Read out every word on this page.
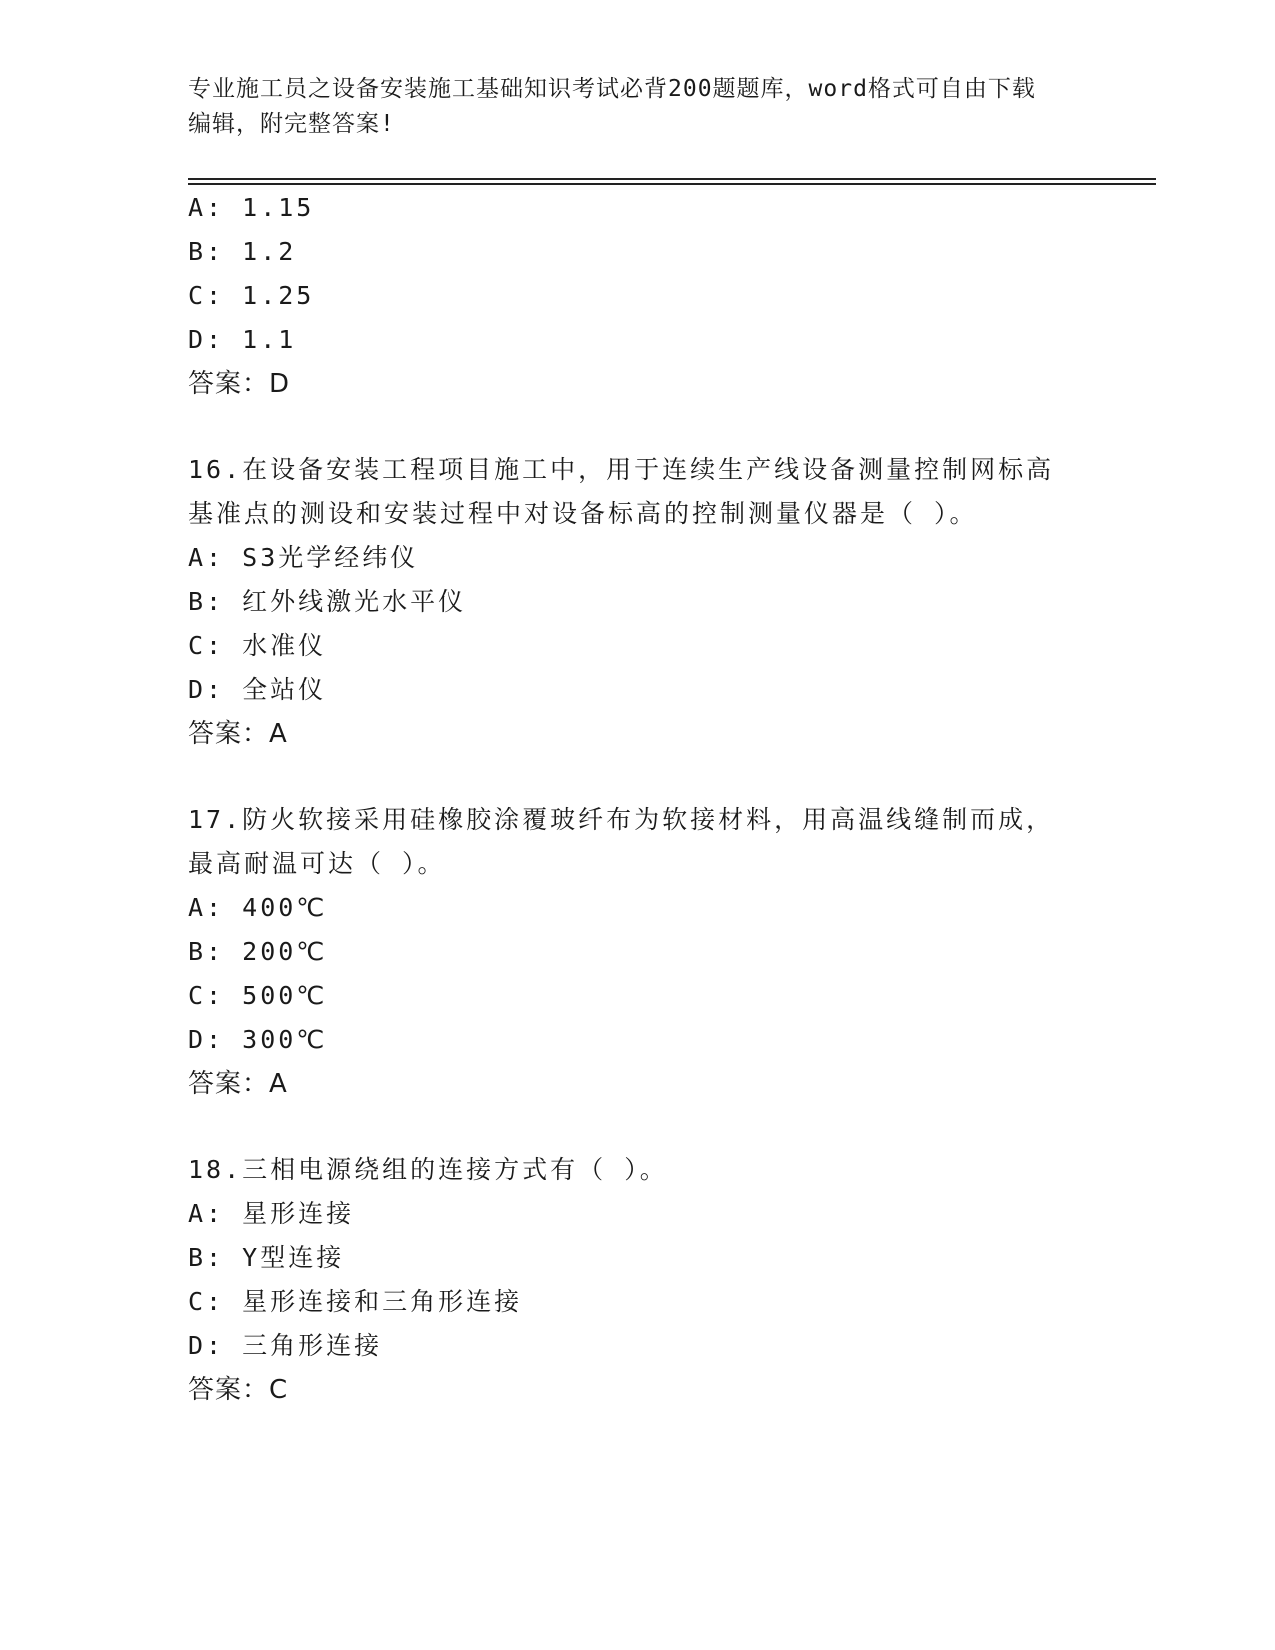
专业施工员之设备安装施工基础知识考试必背200题题库，word格式可自由下载
编辑，附完整答案!
A: 1.15
B: 1.2
C: 1.25
D: 1.1
答案：D
16.在设备安装工程项目施工中，用于连续生产线设备测量控制网标高
基准点的测设和安装过程中对设备标高的控制测量仪器是（ ）。
A: S3光学经纬仪
B: 红外线激光水平仪
C: 水准仪
D: 全站仪
答案：A
17.防火软接采用硅橡胶涂覆玻纤布为软接材料，用高温线缝制而成，
最高耐温可达（ ）。
A: 400℃
B: 200℃
C: 500℃
D: 300℃
答案：A
18.三相电源绕组的连接方式有（ ）。
A: 星形连接
B: Y型连接
C: 星形连接和三角形连接
D: 三角形连接
答案：C
